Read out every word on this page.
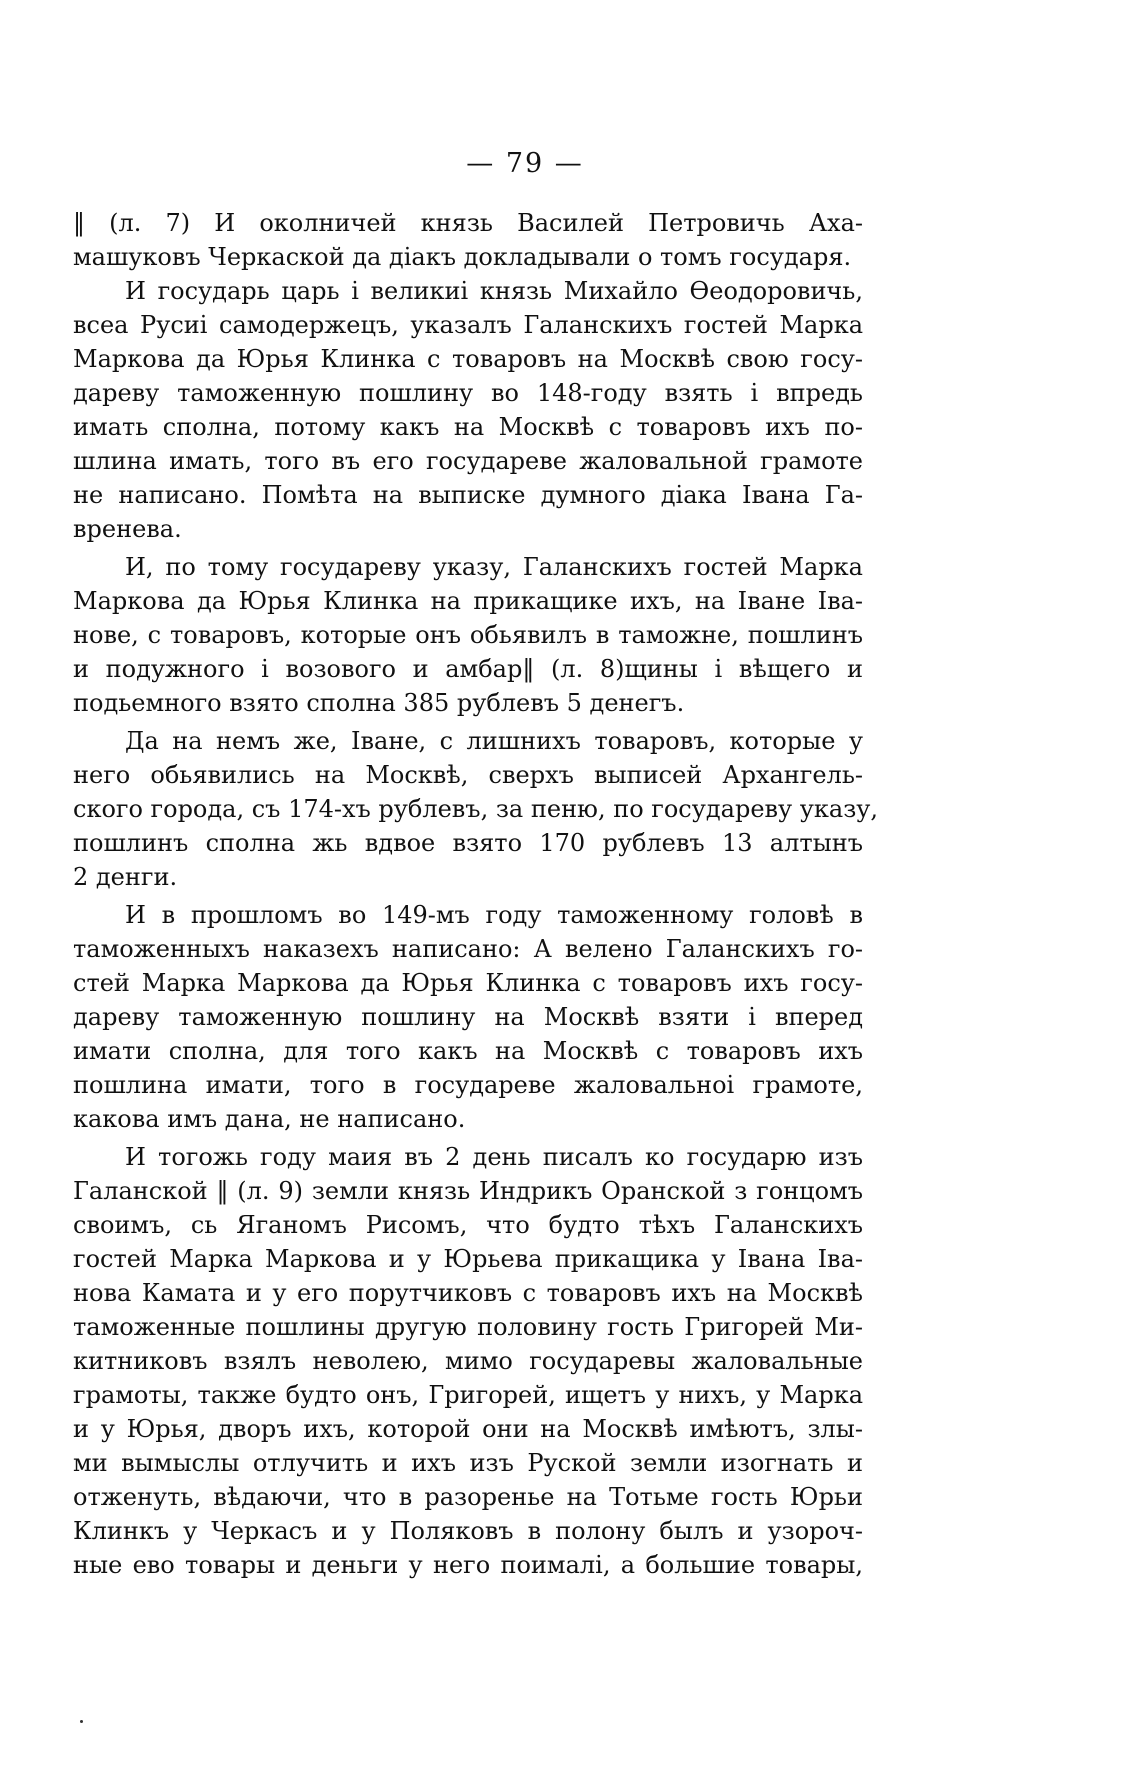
— 79 —
‖ (л. 7) И околничей князь Василей Петровичь Аха-
машуковъ Черкаской да діакъ докладывали о томъ государя.
И государь царь і великиі князь Михайло Өеодоровичь,
всеа Русиі самодержецъ, указалъ Галанскихъ гостей Марка
Маркова да Юрья Клинка с товаровъ на Москвѣ свою госу-
дареву таможенную пошлину во 148-году взять і впредь
имать сполна, потому какъ на Москвѣ с товаровъ ихъ по-
шлина имать, того въ его государеве жаловальной грамоте
не написано. Помѣта на выписке думного діака Івана Га-
вренева.
И, по тому государеву указу, Галанскихъ гостей Марка
Маркова да Юрья Клинка на прикащике ихъ, на Іване Іва-
нове, с товаровъ, которые онъ обьявилъ в таможне, пошлинъ
и подужного і возового и амбар‖ (л. 8)щины і вѣщего и
подьемного взято сполна 385 рублевъ 5 денегъ.
Да на немъ же, Іване, с лишнихъ товаровъ, которые у
него обьявились на Москвѣ, сверхъ выписей Архангель-
ского города, съ 174-хъ рублевъ, за пеню, по государеву указу,
пошлинъ сполна жь вдвое взято 170 рублевъ 13 алтынъ
2 денги.
И в прошломъ во 149-мъ году таможенному головѣ в
таможенныхъ наказехъ написано: А велено Галанскихъ го-
стей Марка Маркова да Юрья Клинка с товаровъ ихъ госу-
дареву таможенную пошлину на Москвѣ взяти і вперед
имати сполна, для того какъ на Москвѣ с товаровъ ихъ
пошлина имати, того в государеве жаловальноі грамоте,
какова имъ дана, не написано.
И тогожь году маия въ 2 день писалъ ко государю изъ
Галанской ‖ (л. 9) земли князь Индрикъ Оранской з гонцомъ
своимъ, сь Яганомъ Рисомъ, что будто тѣхъ Галанскихъ
гостей Марка Маркова и у Юрьева прикащика у Івана Іва-
нова Камата и у его порутчиковъ с товаровъ ихъ на Москвѣ
таможенные пошлины другую половину гость Григорей Ми-
китниковъ взялъ неволею, мимо государевы жаловальные
грамоты, также будто онъ, Григорей, ищетъ у нихъ, у Марка
и у Юрья, дворъ ихъ, которой они на Москвѣ имѣютъ, злы-
ми вымыслы отлучить и ихъ изъ Руской земли изогнать и
отженуть, вѣдаючи, что в разоренье на Тотьме гость Юрьи
Клинкъ у Черкасъ и у Поляковъ в полону былъ и узороч-
ные ево товары и деньги у него поималі, а большие товары,
